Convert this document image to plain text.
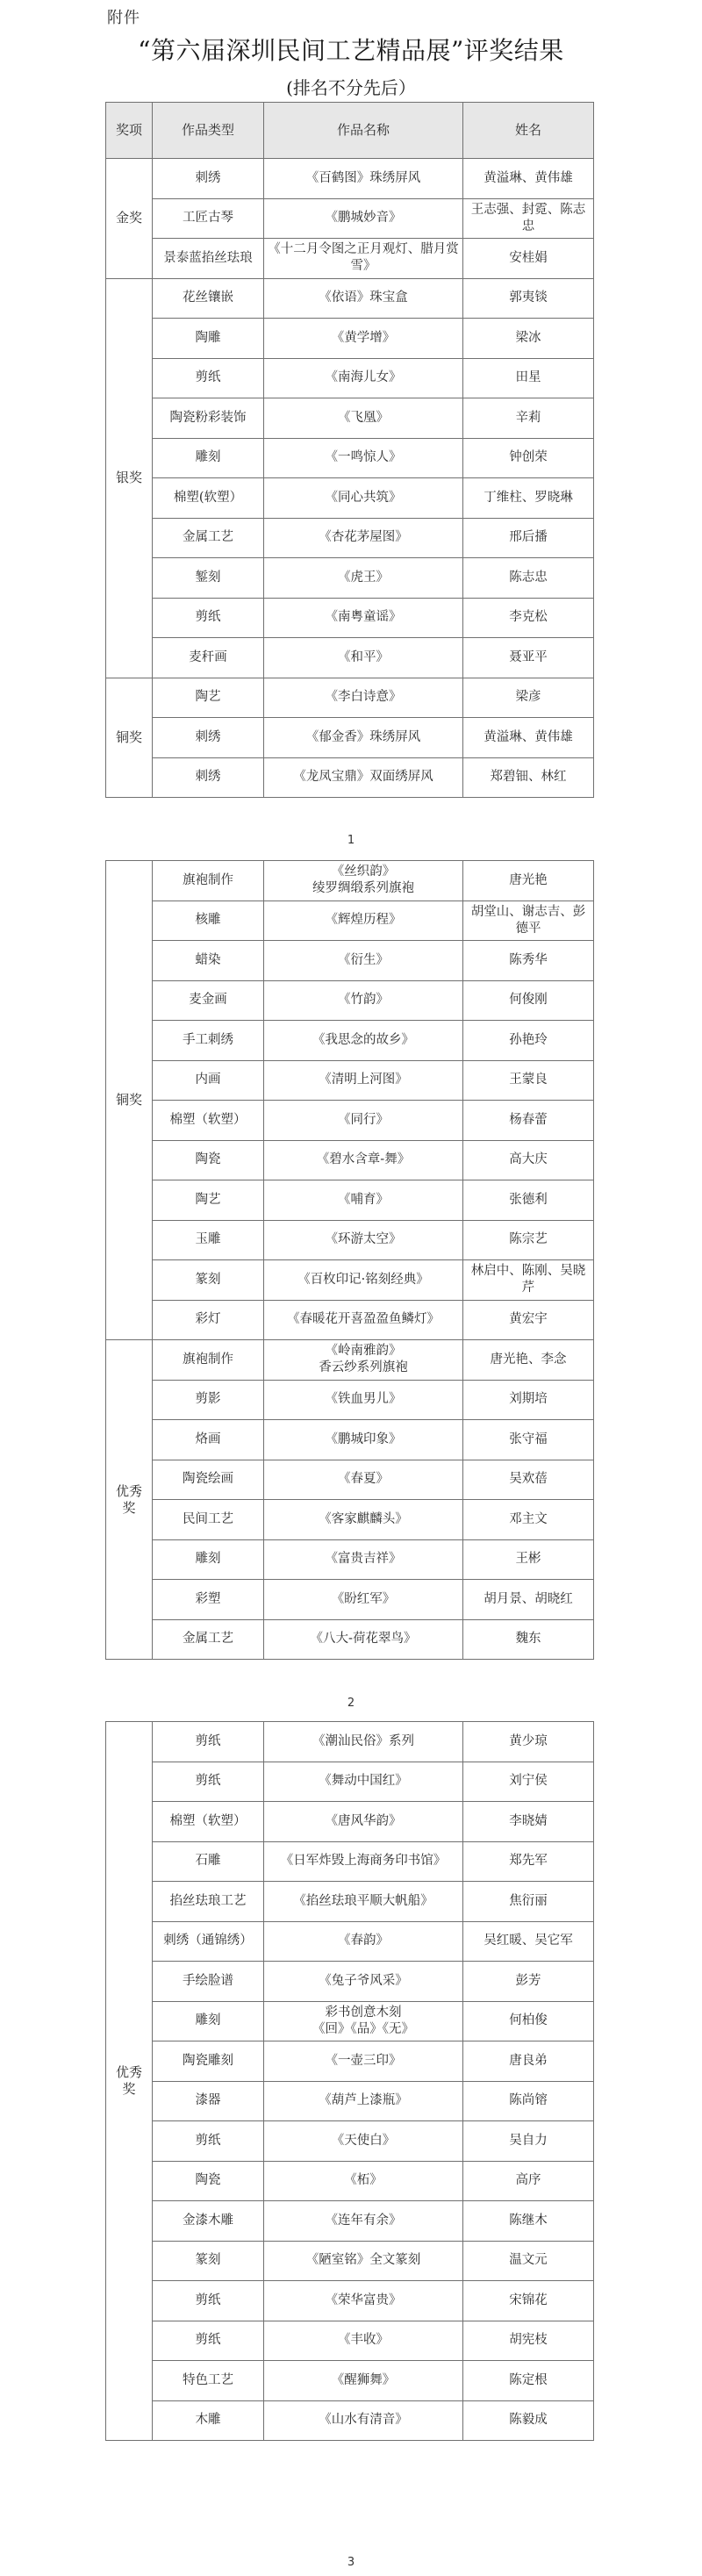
附件
“第六届深圳民间工艺精品展”评奖结果
(排名不分先后）
奖项	作品类型	作品名称	姓名
金奖	刺绣	《百鹤图》珠绣屏风	黄溢琳、黄伟雄
	工匠古琴	《鹏城妙音》	王志强、封霓、陈志忠
	景泰蓝掐丝珐琅	《十二月令图之正月观灯、腊月赏雪》	安桂娟
银奖	花丝镶嵌	《依语》珠宝盒	郭夷锬
	陶雕	《黄学增》	梁冰
	剪纸	《南海儿女》	田星
	陶瓷粉彩装饰	《飞凰》	辛莉
	雕刻	《一鸣惊人》	钟创荣
	棉塑(软塑）	《同心共筑》	丁维柱、罗晓琳
	金属工艺	《杏花茅屋图》	邢后播
	錾刻	《虎王》	陈志忠
	剪纸	《南粤童谣》	李克松
	麦秆画	《和平》	聂亚平
铜奖	陶艺	《李白诗意》	梁彦
	刺绣	《郁金香》珠绣屏风	黄溢琳、黄伟雄
	刺绣	《龙凤宝鼎》双面绣屏风	郑碧钿、林红
1
铜奖	旗袍制作	《丝织韵》
绫罗绸缎系列旗袍	唐光艳
	核雕	《辉煌历程》	胡堂山、谢志吉、彭德平
	蜡染	《衍生》	陈秀华
	麦金画	《竹韵》	何俊刚
	手工刺绣	《我思念的故乡》	孙艳玲
	内画	《清明上河图》	王蒙良
	棉塑（软塑）	《同行》	杨春蕾
	陶瓷	《碧水含章-舞》	高大庆
	陶艺	《哺育》	张德利
	玉雕	《环游太空》	陈宗艺
	篆刻	《百枚印记·铭刻经典》	林启中、陈刚、吴晓芹
	彩灯	《春暖花开喜盈盈鱼鳞灯》	黄宏宇
优秀奖	旗袍制作	《岭南雅韵》
香云纱系列旗袍	唐光艳、李念
	剪影	《铁血男儿》	刘期培
	烙画	《鹏城印象》	张守福
	陶瓷绘画	《春夏》	吴欢蓓
	民间工艺	《客家麒麟头》	邓主文
	雕刻	《富贵吉祥》	王彬
	彩塑	《盼红军》	胡月景、胡晓红
	金属工艺	《八大-荷花翠鸟》	魏东
2
优秀奖	剪纸	《潮汕民俗》系列	黄少琼
	剪纸	《舞动中国红》	刘宁侯
	棉塑（软塑）	《唐风华韵》	李晓婧
	石雕	《日军炸毁上海商务印书馆》	郑先军
	掐丝珐琅工艺	《掐丝珐琅平顺大帆船》	焦衍丽
	刺绣（通锦绣）	《春韵》	吴红暖、吴它军
	手绘脸谱	《兔子爷风采》	彭芳
	雕刻	彩书创意木刻
《回》《品》《无》	何柏俊
	陶瓷雕刻	《一壶三印》	唐良弟
	漆器	《葫芦上漆瓶》	陈尚镕
	剪纸	《天使白》	吴自力
	陶瓷	《柘》	高序
	金漆木雕	《连年有余》	陈继木
	篆刻	《陋室铭》全文篆刻	温文元
	剪纸	《荣华富贵》	宋锦花
	剪纸	《丰收》	胡宪枝
	特色工艺	《醒狮舞》	陈定根
	木雕	《山水有清音》	陈毅成
3
